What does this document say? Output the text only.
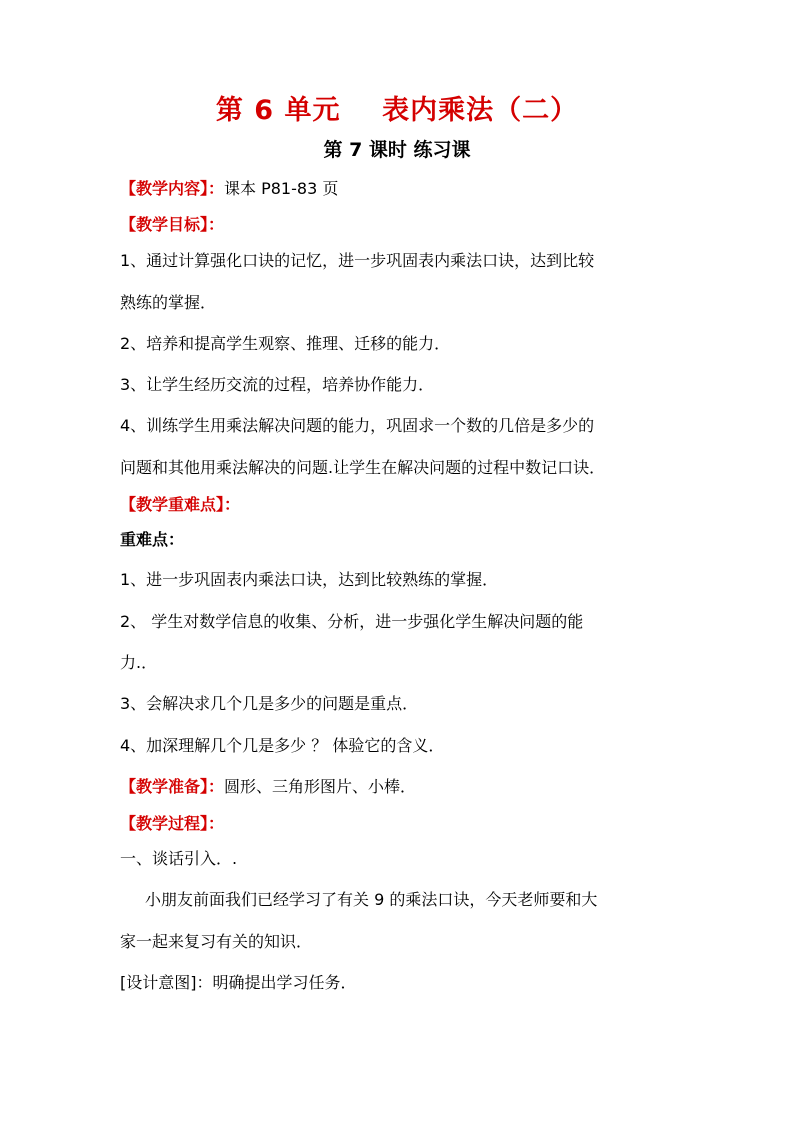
第 6 单元    表内乘法（二）
第 7 课时 练习课
【教学内容】：课本 P81-83 页
【教学目标】：
1、通过计算强化口诀的记忆，进一步巩固表内乘法口诀，达到比较
熟练的掌握．
2、培养和提高学生观察、推理、迁移的能力．
3、让学生经历交流的过程，培养协作能力．
4、训练学生用乘法解决问题的能力，巩固求一个数的几倍是多少的
问题和其他用乘法解决的问题.让学生在解决问题的过程中数记口诀．
【教学重难点】：
重难点：
1、进一步巩固表内乘法口诀，达到比较熟练的掌握．
2、 学生对数学信息的收集、分析，进一步强化学生解决问题的能
力.．
3、会解决求几个几是多少的问题是重点．
4、加深理解几个几是多少 ？ 体验它的含义．
【教学准备】：圆形、三角形图片、小棒．
【教学过程】：
一、谈话引入．.
小朋友前面我们已经学习了有关 9 的乘法口诀，今天老师要和大
家一起来复习有关的知识．
[设计意图]：明确提出学习任务．
